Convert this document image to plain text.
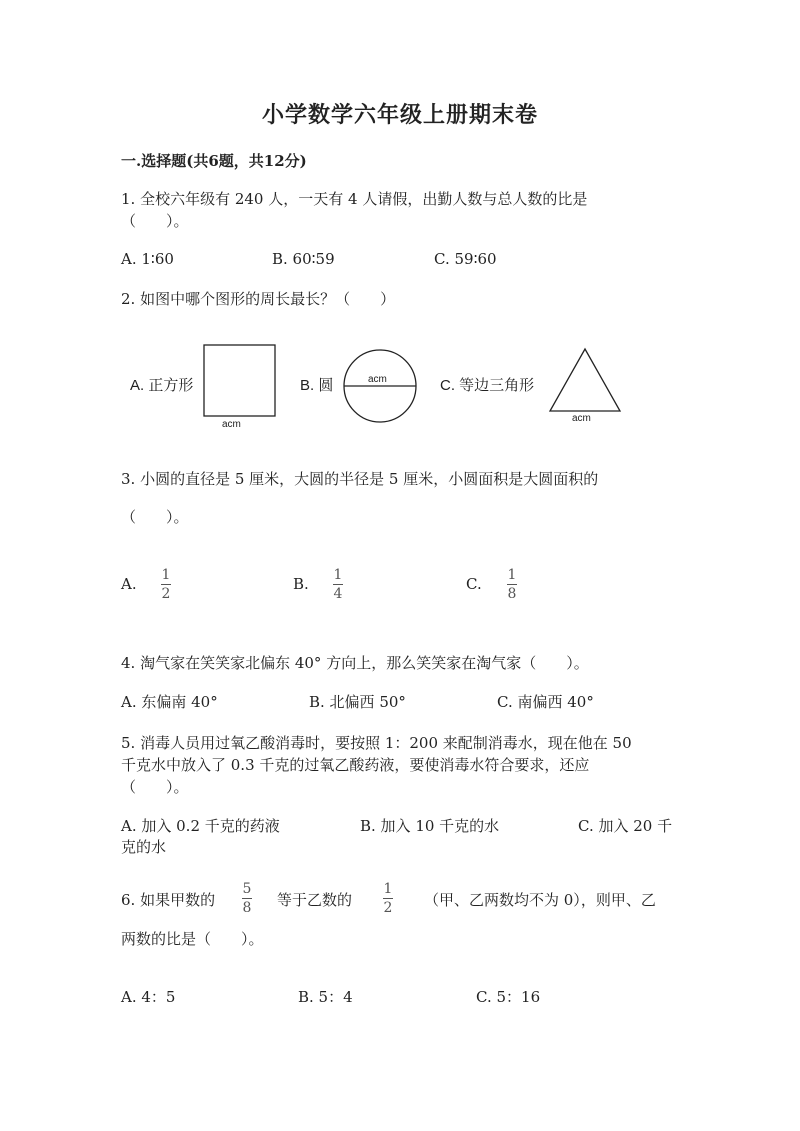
小学数学六年级上册期末卷
一.选择题(共6题，共12分)
1. 全校六年级有 240 人，一天有 4 人请假，出勤人数与总人数的比是
（　　）。
A. 1∶60	B. 60∶59	C. 59∶60
2. 如图中哪个图形的周长最长？（　　）
A. 正方形	B. 圆	C. 等边三角形
acm
acm
acm
3. 小圆的直径是 5 厘米，大圆的半径是 5 厘米，小圆面积是大圆面积的
（　　）。
A. 1
2
B. 1
4
C. 1
8
4. 淘气家在笑笑家北偏东 40° 方向上，那么笑笑家在淘气家（　　）。
A. 东偏南 40°	B. 北偏西 50°	C. 南偏西 40°
5. 消毒人员用过氧乙酸消毒时，要按照 1：200 来配制消毒水，现在他在 50
千克水中放入了 0.3 千克的过氧乙酸药液，要使消毒水符合要求，还应
（　　）。
A. 加入 0.2 千克的药液	B. 加入 10 千克的水	C. 加入 20 千
克的水
6. 如果甲数的
5
8 等于乙数的
1
2 （甲、乙两数均不为 0），则甲、乙
两数的比是（　　）。
A. 4：5	B. 5：4	C. 5：16
